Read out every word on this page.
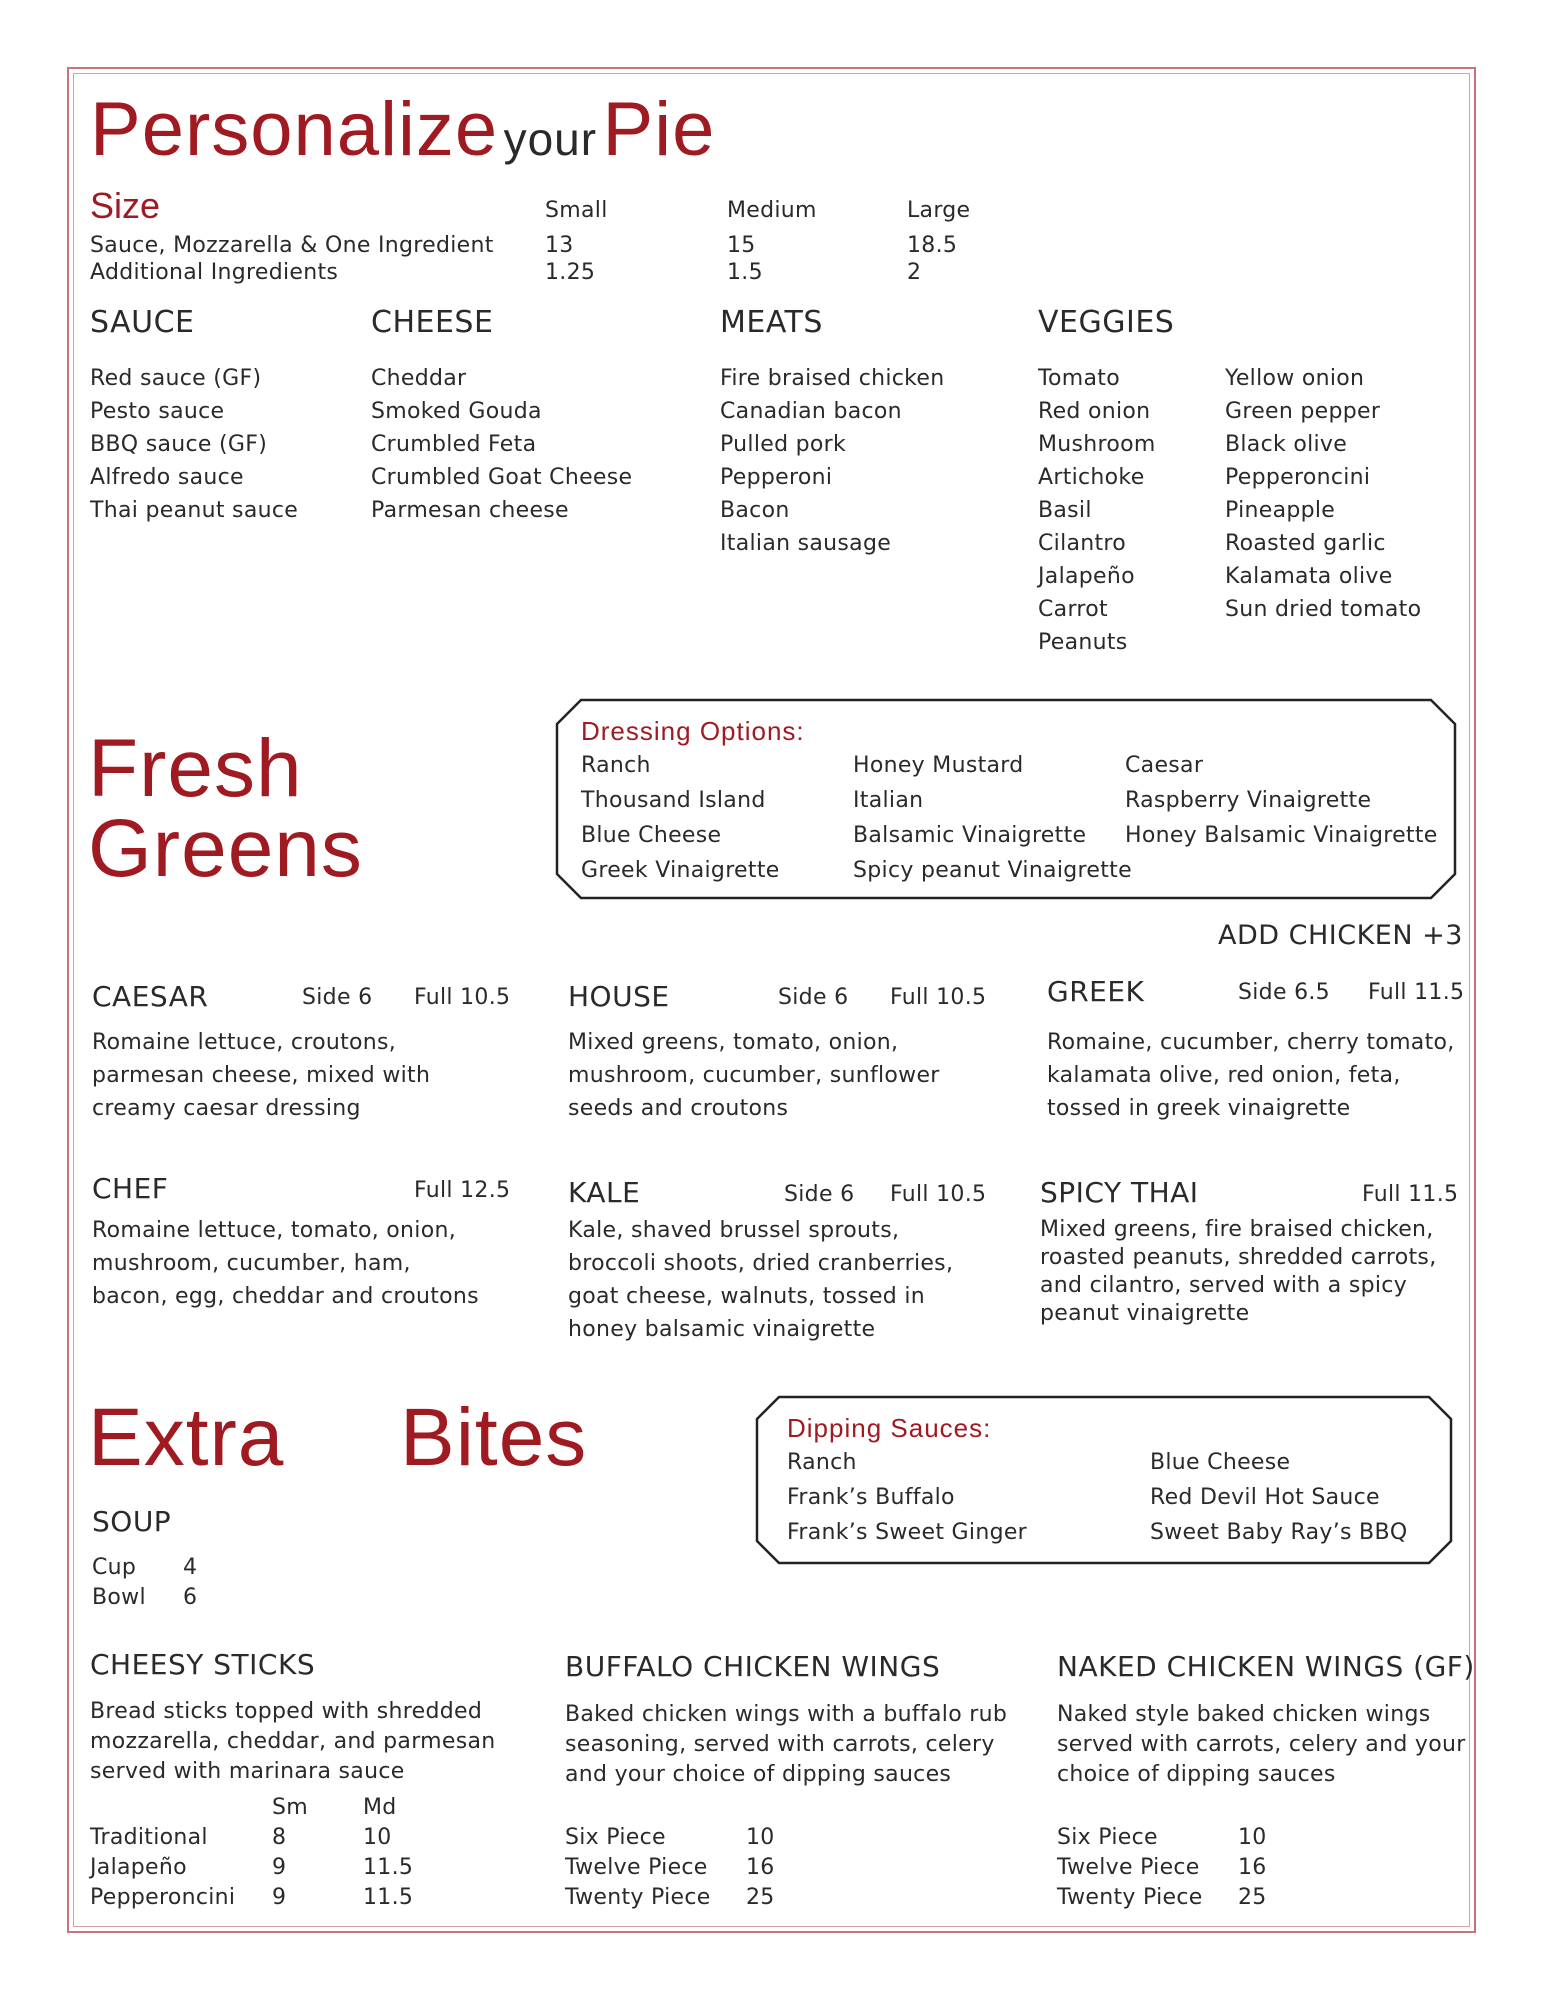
Personalize your Pie
Size	Small	Medium	Large
Sauce, Mozzarella & One Ingredient 13	15	18.5
Additional Ingredients	1.25	1.5	2
SAUCE
Red sauce (GF)
Pesto sauce
BBQ sauce (GF)
Alfredo sauce
Thai peanut sauce
CHEESE
Cheddar
Smoked Gouda
Crumbled Feta
Crumbled Goat Cheese
Parmesan cheese
MEATS
Fire braised chicken
Canadian bacon
Pulled pork
Pepperoni
Bacon
Italian sausage
VEGGIES
Tomato
Red onion
Mushroom
Artichoke
Basil
Cilantro
Jalapeño
Carrot
Peanuts
Yellow onion
Green pepper
Black olive
Pepperoncini
Pineapple
Roasted garlic
Kalamata olive
Sun dried tomato
Fresh
Greens
Dressing Options:
Ranch
Thousand Island
Blue Cheese
Greek Vinaigrette
Honey Mustard
Italian
Balsamic Vinaigrette
Spicy peanut Vinaigrette
Caesar
Raspberry Vinaigrette
Honey Balsamic Vinaigrette
ADD CHICKEN +3
CAESAR	Side 6 Full 10.5
Romaine lettuce, croutons, parmesan cheese, mixed with creamy caesar dressing
HOUSE	Side 6 Full 10.5
Mixed greens, tomato, onion, mushroom, cucumber, sunflower seeds and croutons
GREEK	Side 6.5 Full 11.5
Romaine, cucumber, cherry tomato, kalamata olive, red onion, feta, tossed in greek vinaigrette
CHEF	Full 12.5
Romaine lettuce, tomato, onion, mushroom, cucumber, ham, bacon, egg, cheddar and croutons
KALE	Side 6 Full 10.5
Kale, shaved brussel sprouts, broccoli shoots, dried cranberries, goat cheese, walnuts, tossed in honey balsamic vinaigrette
SPICY THAI	Full 11.5
Mixed greens, fire braised chicken, roasted peanuts, shredded carrots, and cilantro, served with a spicy peanut vinaigrette
Extra Bites	Dipping Sauces:
Ranch
Frank’s Buffalo
Frank’s Sweet Ginger
Blue Cheese
Red Devil Hot Sauce
Sweet Baby Ray’s BBQ
SOUP
Cup 4
Bowl 6
CHEESY STICKS
Bread sticks topped with shredded mozzarella, cheddar, and parmesan served with marinara sauce
Sm	Md
Traditional	8	10
Jalapeño	9	11.5
Pepperoncini 9	11.5
BUFFALO CHICKEN WINGS
Baked chicken wings with a buffalo rub seasoning, served with carrots, celery and your choice of dipping sauces
Six Piece	10
Twelve Piece 16
Twenty Piece 25
NAKED CHICKEN WINGS (GF)
Naked style baked chicken wings served with carrots, celery and your choice of dipping sauces
Six Piece	10
Twelve Piece 16
Twenty Piece 25
